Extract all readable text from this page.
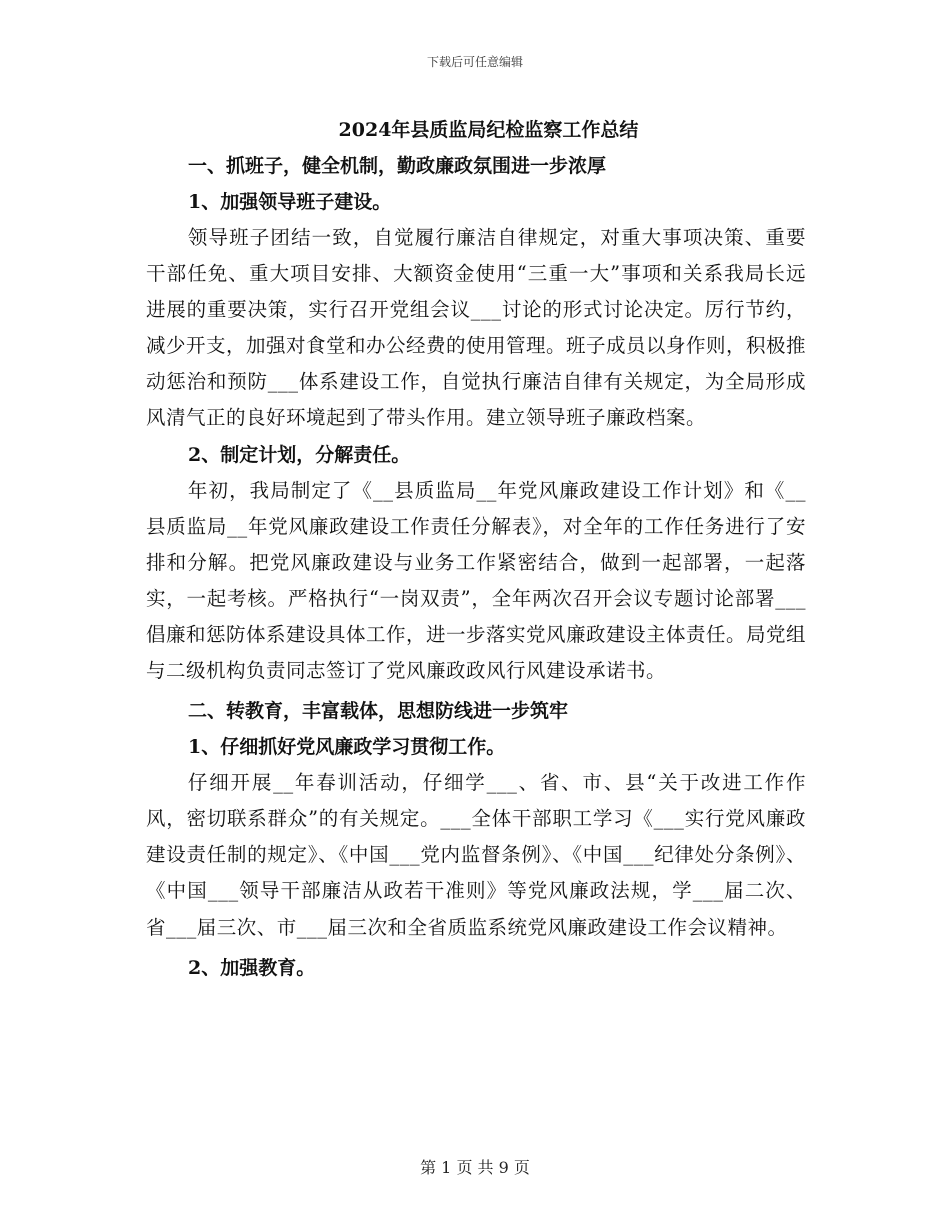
下载后可任意编辑
2024年县质监局纪检监察工作总结

一、抓班子，健全机制，勤政廉政氛围进一步浓厚

1、加强领导班子建设。

领导班子团结一致，自觉履行廉洁自律规定，对重大事项决策、重要干部任免、重大项目安排、大额资金使用“三重一大”事项和关系我局长远进展的重要决策，实行召开党组会议___讨论的形式讨论决定。厉行节约，减少开支，加强对食堂和办公经费的使用管理。班子成员以身作则，积极推动惩治和预防___体系建设工作，自觉执行廉洁自律有关规定，为全局形成风清气正的良好环境起到了带头作用。建立领导班子廉政档案。

2、制定计划，分解责任。

年初，我局制定了《__县质监局__年党风廉政建设工作计划》和《__县质监局__年党风廉政建设工作责任分解表》，对全年的工作任务进行了安排和分解。把党风廉政建设与业务工作紧密结合，做到一起部署，一起落实，一起考核。严格执行“一岗双责”，全年两次召开会议专题讨论部署___倡廉和惩防体系建设具体工作，进一步落实党风廉政建设主体责任。局党组与二级机构负责同志签订了党风廉政政风行风建设承诺书。

二、转教育，丰富载体，思想防线进一步筑牢

1、仔细抓好党风廉政学习贯彻工作。

仔细开展__年春训活动，仔细学___、省、市、县“关于改进工作作风，密切联系群众”的有关规定。___全体干部职工学习《___实行党风廉政建设责任制的规定》、《中国___党内监督条例》、《中国___纪律处分条例》、《中国___领导干部廉洁从政若干准则》等党风廉政法规，学___届二次、省___届三次、市___届三次和全省质监系统党风廉政建设工作会议精神。

2、加强教育。

第 1 页 共 9 页
